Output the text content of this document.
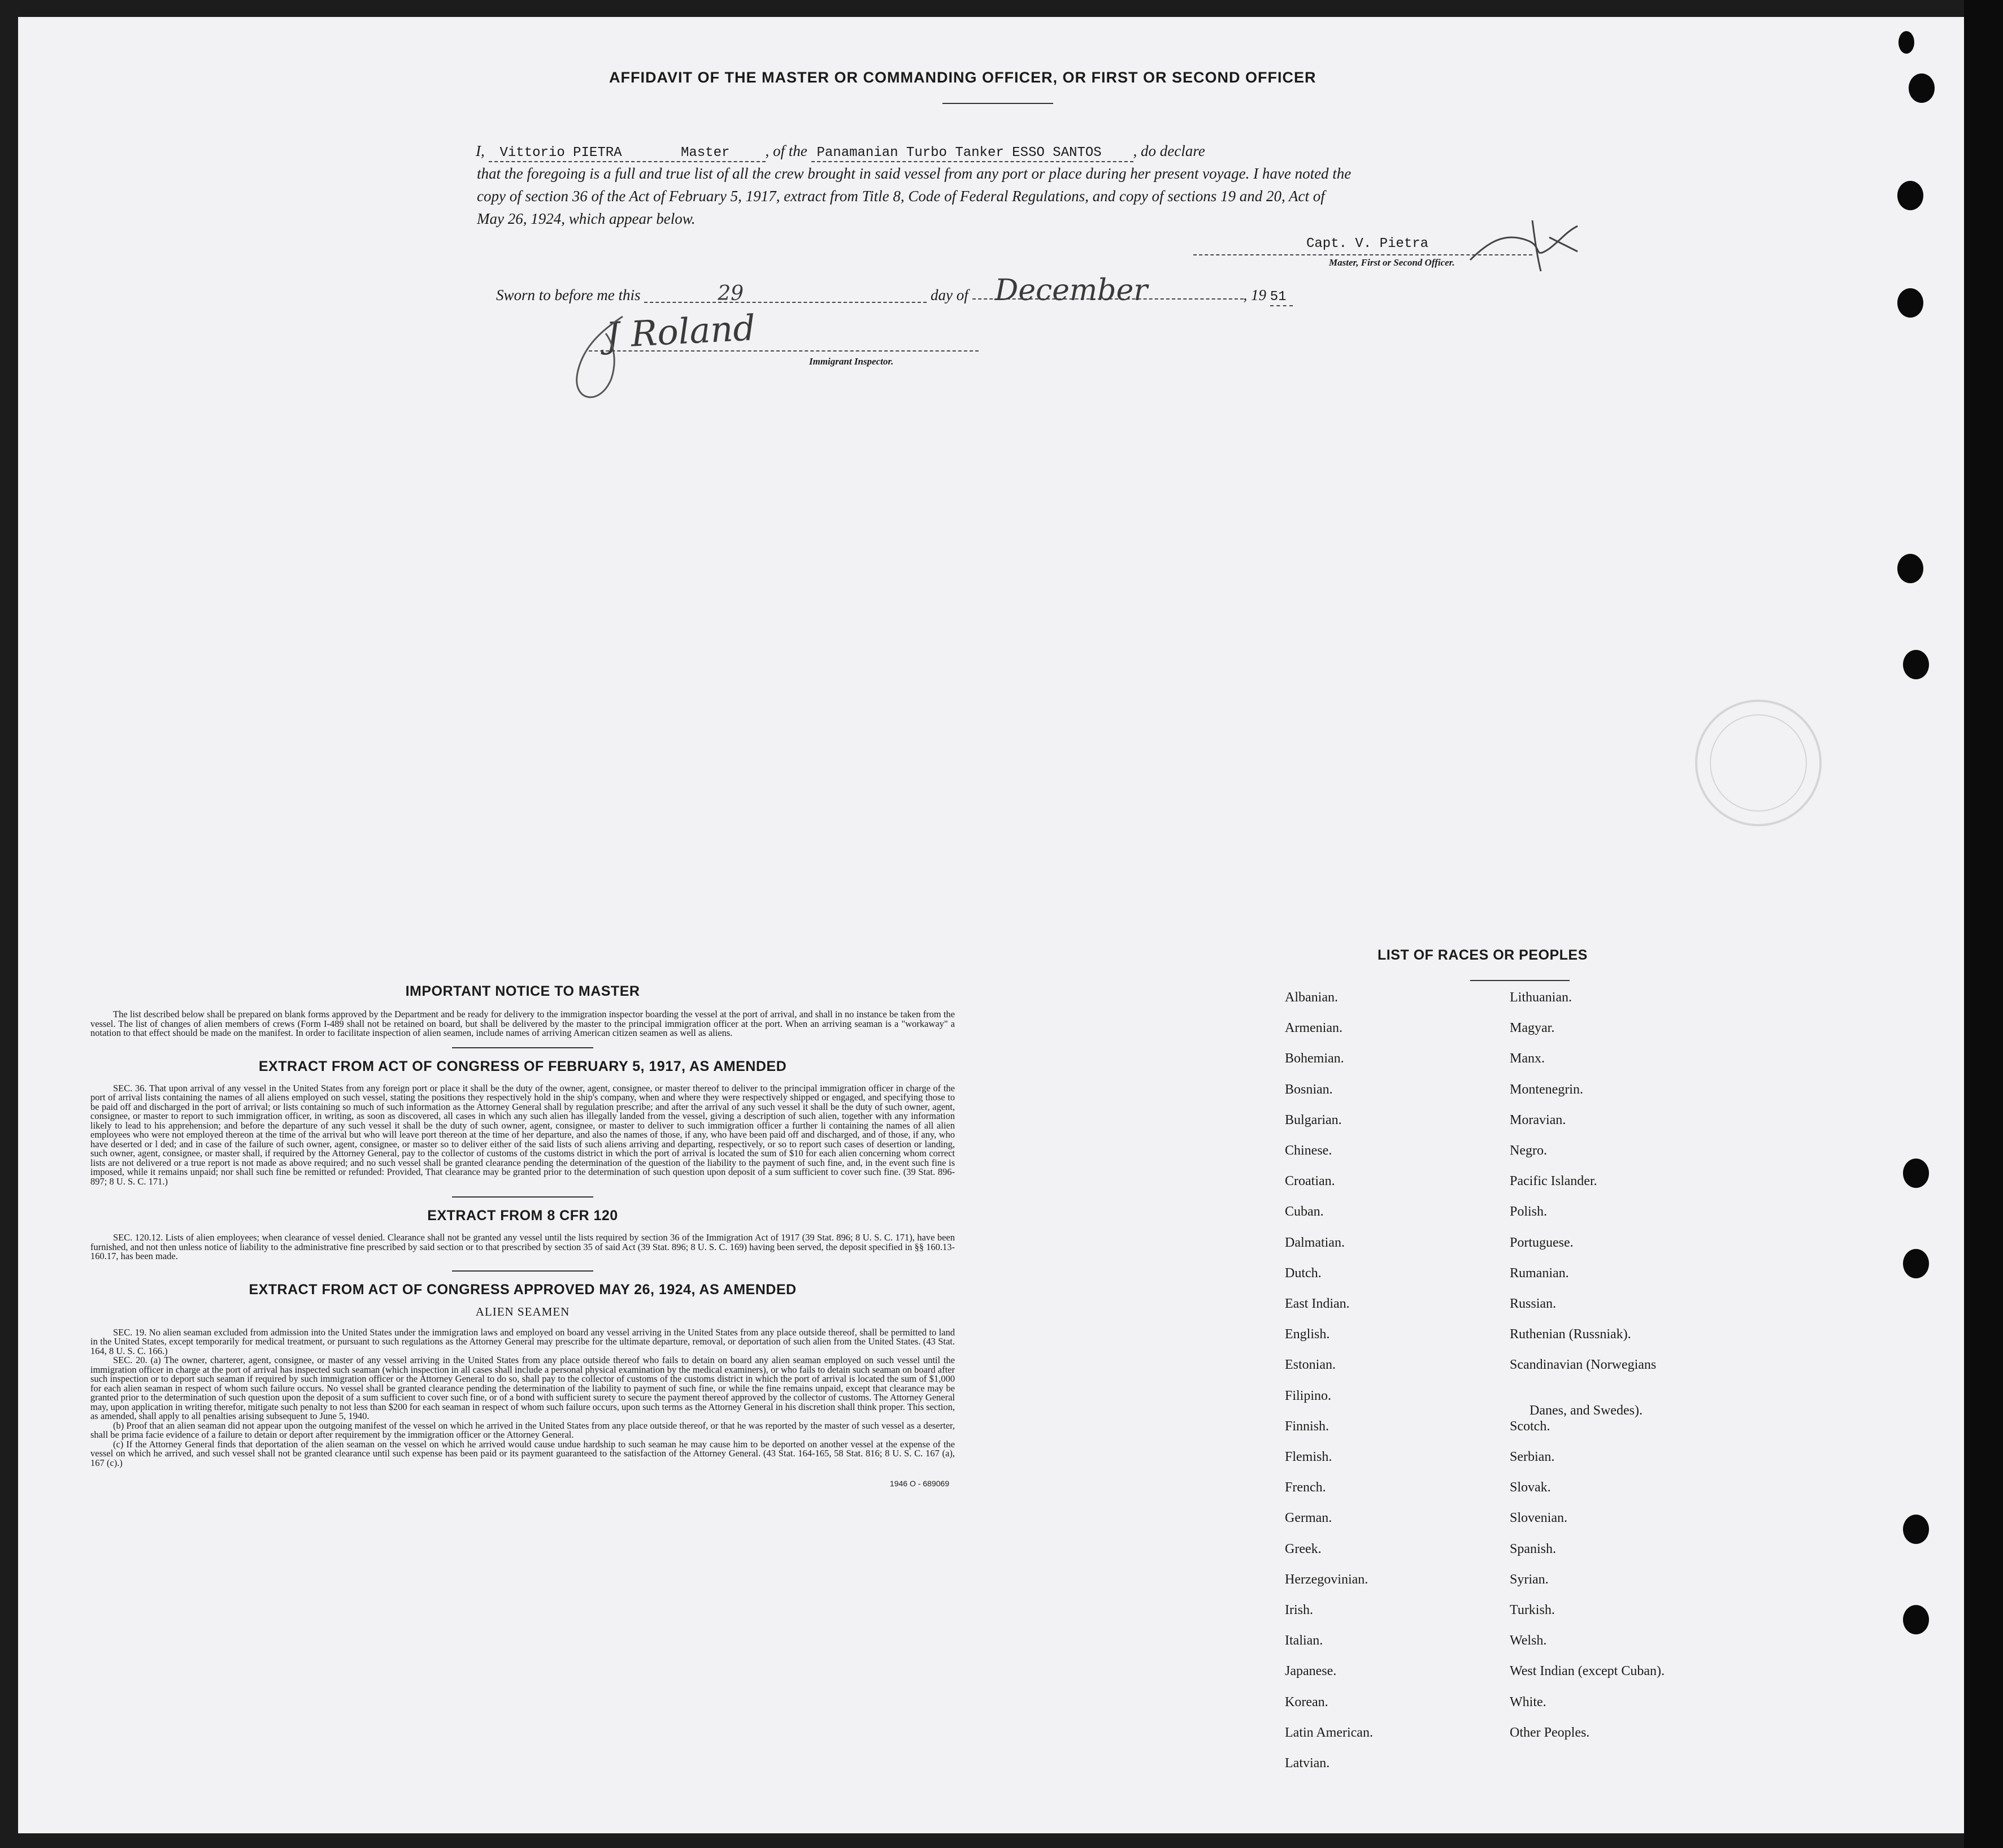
AFFIDAVIT OF THE MASTER OR COMMANDING OFFICER, OR FIRST OR SECOND OFFICER
I, Vittorio PIETRA	Master , of the Panamanian Turbo Tanker ESSO SANTOS , do declare
that the foregoing is a full and true list of all the crew brought in said vessel from any port or place during her present voyage. I have noted the
copy of section 36 of the Act of February 5, 1917, extract from Title 8, Code of Federal Regulations, and copy of sections 19 and 20, Act of
May 26, 1924, which appear below.
Capt. V. Pietra
Master, First or Second Officer.
Sworn to before me this	29	day of December	, 19 51
J Roland
Immigrant Inspector.
IMPORTANT NOTICE TO MASTER

The list described below shall be prepared on blank forms approved by the Department and be ready for delivery to the immigration inspector boarding the vessel at the port of arrival, and shall in no instance be taken from the vessel. The list of changes of alien members of crews (Form I-489 shall not be retained on board, but shall be delivered by the master to the principal immigration officer at the port. When an arriving seaman is a "workaway" a notation to that effect should be made on the manifest. In order to facilitate inspection of alien seamen, include names of arriving American citizen seamen as well as aliens.

EXTRACT FROM ACT OF CONGRESS OF FEBRUARY 5, 1917, AS AMENDED

SEC. 36. That upon arrival of any vessel in the United States from any foreign port or place it shall be the duty of the owner, agent, consignee, or master thereof to deliver to the principal immigration officer in charge of the port of arrival lists containing the names of all aliens employed on such vessel, stating the positions they respectively hold in the ship's company, when and where they were respectively shipped or engaged, and specifying those to be paid off and discharged in the port of arrival; or lists containing so much of such information as the Attorney General shall by regulation prescribe; and after the arrival of any such vessel it shall be the duty of such owner, agent, consignee, or master to report to such immigration officer, in writing, as soon as discovered, all cases in which any such alien has illegally landed from the vessel, giving a description of such alien, together with any information likely to lead to his apprehension; and before the departure of any such vessel it shall be the duty of such owner, agent, consignee, or master to deliver to such immigration officer a further li containing the names of all alien employees who were not employed thereon at the time of the arrival but who will leave port thereon at the time of her departure, and also the names of those, if any, who have been paid off and discharged, and of those, if any, who have deserted or l ded; and in case of the failure of such owner, agent, consignee, or master so to deliver either of the said lists of such aliens arriving and departing, respectively, or so to report such cases of desertion or landing, such owner, agent, consignee, or master shall, if required by the Attorney General, pay to the collector of customs of the customs district in which the port of arrival is located the sum of $10 for each alien concerning whom correct lists are not delivered or a true report is not made as above required; and no such vessel shall be granted clearance pending the determination of the question of the liability to the payment of such fine, and, in the event such fine is imposed, while it remains unpaid; nor shall such fine be remitted or refunded: Provided, That clearance may be granted prior to the determination of such question upon deposit of a sum sufficient to cover such fine. (39 Stat. 896-897; 8 U. S. C. 171.)

EXTRACT FROM 8 CFR 120

SEC. 120.12. Lists of alien employees; when clearance of vessel denied. Clearance shall not be granted any vessel until the lists required by section 36 of the Immigration Act of 1917 (39 Stat. 896; 8 U. S. C. 171), have been furnished, and not then unless notice of liability to the administrative fine prescribed by said section or to that prescribed by section 35 of said Act (39 Stat. 896; 8 U. S. C. 169) having been served, the deposit specified in §§ 160.13-160.17, has been made.

EXTRACT FROM ACT OF CONGRESS APPROVED MAY 26, 1924, AS AMENDED
ALIEN SEAMEN

SEC. 19. No alien seaman excluded from admission into the United States under the immigration laws and employed on board any vessel arriving in the United States from any place outside thereof, shall be permitted to land in the United States, except temporarily for medical treatment, or pursuant to such regulations as the Attorney General may prescribe for the ultimate departure, removal, or deportation of such alien from the United States. (43 Stat. 164, 8 U. S. C. 166.)

SEC. 20. (a) The owner, charterer, agent, consignee, or master of any vessel arriving in the United States from any place outside thereof who fails to detain on board any alien seaman employed on such vessel until the immigration officer in charge at the port of arrival has inspected such seaman (which inspection in all cases shall include a personal physical examination by the medical examiners), or who fails to detain such seaman on board after such inspection or to deport such seaman if required by such immigration officer or the Attorney General to do so, shall pay to the collector of customs of the customs district in which the port of arrival is located the sum of $1,000 for each alien seaman in respect of whom such failure occurs. No vessel shall be granted clearance pending the determination of the liability to payment of such fine, or while the fine remains unpaid, except that clearance may be granted prior to the determination of such question upon the deposit of a sum sufficient to cover such fine, or of a bond with sufficient surety to secure the payment thereof approved by the collector of customs. The Attorney General may, upon application in writing therefor, mitigate such penalty to not less than $200 for each seaman in respect of whom such failure occurs, upon such terms as the Attorney General in his discretion shall think proper. This section, as amended, shall apply to all penalties arising subsequent to June 5, 1940.

(b) Proof that an alien seaman did not appear upon the outgoing manifest of the vessel on which he arrived in the United States from any place outside thereof, or that he was reported by the master of such vessel as a deserter, shall be prima facie evidence of a failure to detain or deport after requirement by the immigration officer or the Attorney General.

(c) If the Attorney General finds that deportation of the alien seaman on the vessel on which he arrived would cause undue hardship to such seaman he may cause him to be deported on another vessel at the expense of the vessel on which he arrived, and such vessel shall not be granted clearance until such expense has been paid or its payment guaranteed to the satisfaction of the Attorney General. (43 Stat. 164-165, 58 Stat. 816; 8 U. S. C. 167 (a), 167 (c).)

1946 O - 689069
LIST OF RACES OR PEOPLES
Albanian.
Armenian.
Bohemian.
Bosnian.
Bulgarian.
Chinese.
Croatian.
Cuban.
Dalmatian.
Dutch.
East Indian.
English.
Estonian.
Filipino.
Finnish.
Flemish.
French.
German.
Greek.
Herzegovinian.
Irish.
Italian.
Japanese.
Korean.
Latin American.
Latvian.
Lithuanian.
Magyar.
Manx.
Montenegrin.
Moravian.
Negro.
Pacific Islander.
Polish.
Portuguese.
Rumanian.
Russian.
Ruthenian (Russniak).
Scandinavian (Norwegians
Danes, and Swedes).
Scotch.
Serbian.
Slovak.
Slovenian.
Spanish.
Syrian.
Turkish.
Welsh.
West Indian (except Cuban).
White.
Other Peoples.
